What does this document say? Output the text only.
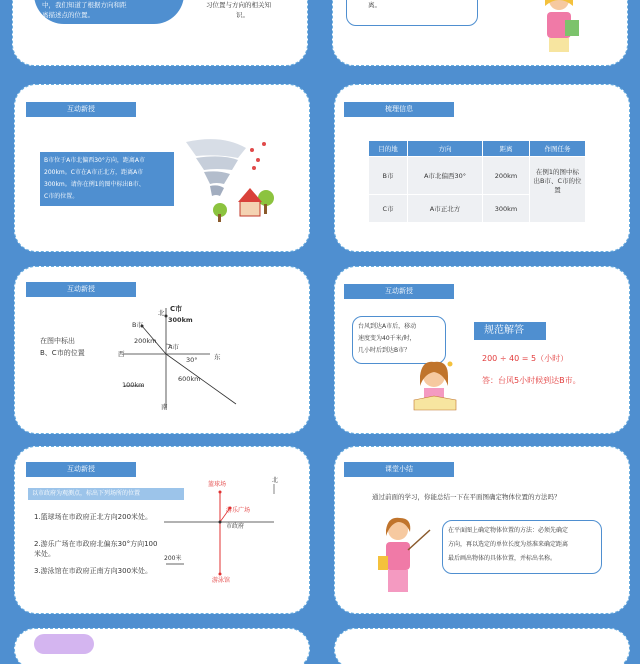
中，我们知道了根据方向和距
离描述点的位置。
习位置与方向的相关知
识。
离。
互动新授
B市位于A市北偏西30°方向，距离A市
200km。C市在A市正北方，距离A市
300km。请你在例1的图中标出B市、
C市的位置。
梳理信息
目的地	方向	距离	作图任务
B市	A市北偏西30°	200km	在例1的图中标出B市、C市的位置
C市	A市正北方	300km	
互动新授
在图中标出
B、C市的位置
北 C市
300km
B市
200km
A市
西
30°	东
600km
100km
南
互动新授
台风到达A市后，移动
速度变为40千米/时，
几小时后到达B市？
规范解答
200 ÷ 40 = 5（小时）
答：台风5小时候到达B市。
互动新授
以市政府为观测点，标出下列场所的位置
1.篮球场在市政府正北方向200米处。
2.游乐广场在市政府北偏东30°方向100米处。
3.游泳馆在市政府正南方向300米处。
篮球场
北
游乐广场
市政府
200米
游泳馆
课堂小结
通过前面的学习，你能总结一下在平面图确定物体位置的方法吗？
在平面图上确定物体位置的方法：必须先确定
方向，再以选定的单位长度为基准来确定距离
最后画出物体的具体位置，并标出名称。
